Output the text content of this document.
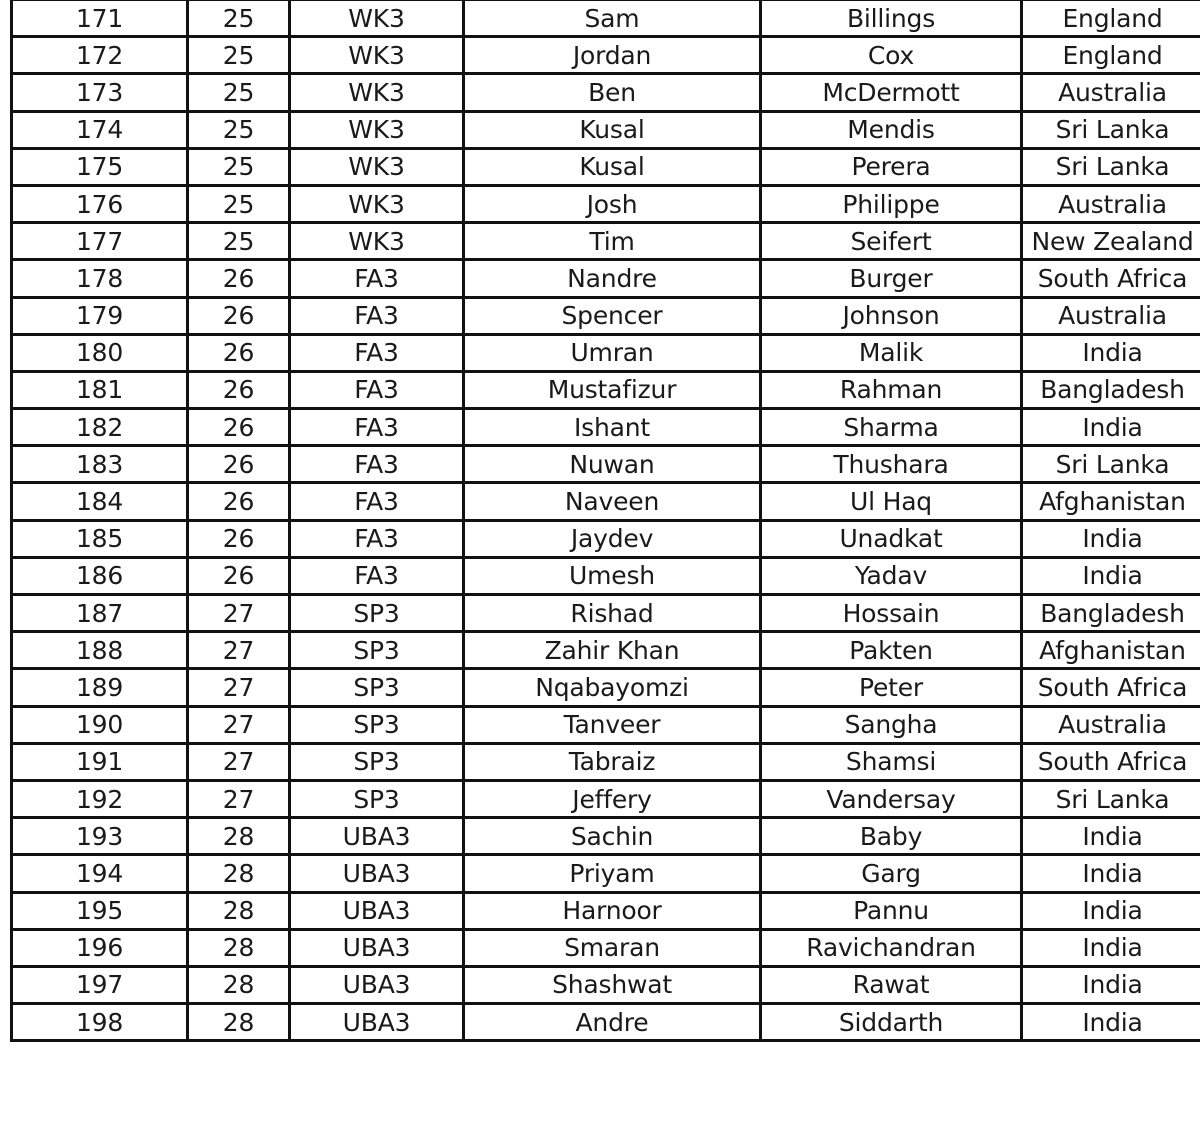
171	25	WK3	Sam	Billings	England
172	25	WK3	Jordan	Cox	England
173	25	WK3	Ben	McDermott	Australia
174	25	WK3	Kusal	Mendis	Sri Lanka
175	25	WK3	Kusal	Perera	Sri Lanka
176	25	WK3	Josh	Philippe	Australia
177	25	WK3	Tim	Seifert	New Zealand
178	26	FA3	Nandre	Burger	South Africa
179	26	FA3	Spencer	Johnson	Australia
180	26	FA3	Umran	Malik	India
181	26	FA3	Mustafizur	Rahman	Bangladesh
182	26	FA3	Ishant	Sharma	India
183	26	FA3	Nuwan	Thushara	Sri Lanka
184	26	FA3	Naveen	Ul Haq	Afghanistan
185	26	FA3	Jaydev	Unadkat	India
186	26	FA3	Umesh	Yadav	India
187	27	SP3	Rishad	Hossain	Bangladesh
188	27	SP3	Zahir Khan	Pakten	Afghanistan
189	27	SP3	Nqabayomzi	Peter	South Africa
190	27	SP3	Tanveer	Sangha	Australia
191	27	SP3	Tabraiz	Shamsi	South Africa
192	27	SP3	Jeffery	Vandersay	Sri Lanka
193	28	UBA3	Sachin	Baby	India
194	28	UBA3	Priyam	Garg	India
195	28	UBA3	Harnoor	Pannu	India
196	28	UBA3	Smaran	Ravichandran	India
197	28	UBA3	Shashwat	Rawat	India
198	28	UBA3	Andre	Siddarth	India
